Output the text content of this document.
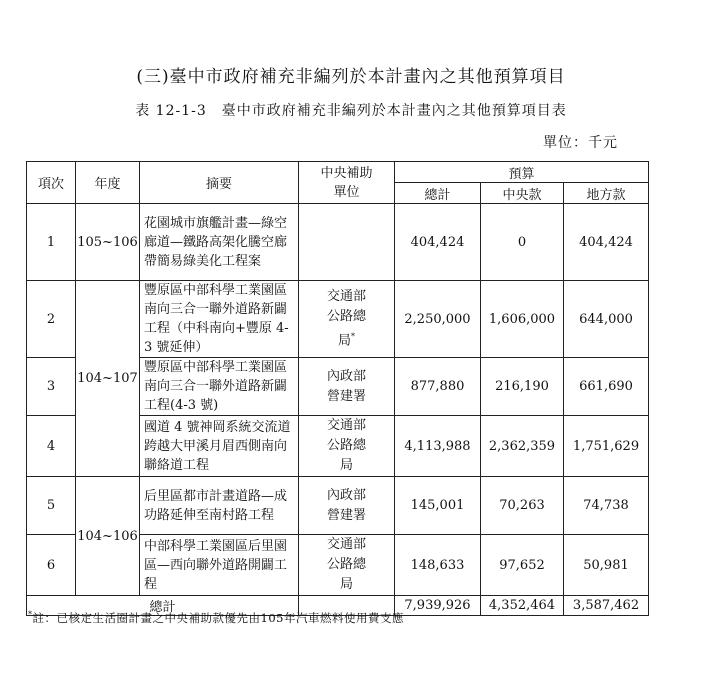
(三)臺中市政府補充非編列於本計畫內之其他預算項目
表 12-1-3　臺中市政府補充非編列於本計畫內之其他預算項目表
單位：千元
項次	年度	摘要	中央補助單位	預算		
				總計	中央款	地方款
1	105~106	花園城市旗艦計畫—綠空廊道—鐵路高架化騰空廊帶簡易綠美化工程案		404,424	0	404,424
2	104~107	豐原區中部科學工業園區南向三合一聯外道路新闢工程（中科南向+豐原 4-3 號延伸）	交通部公路總局*	2,250,000	1,606,000	644,000
3		豐原區中部科學工業園區南向三合一聯外道路新闢工程(4-3 號)	內政部營建署	877,880	216,190	661,690
4		國道 4 號神岡系統交流道跨越大甲溪月眉西側南向聯絡道工程	交通部公路總局	4,113,988	2,362,359	1,751,629
5	104~106	后里區都市計畫道路—成功路延伸至南村路工程	內政部營建署	145,001	70,263	74,738
6		中部科學工業園區后里園區—西向聯外道路開闢工程	交通部公路總局	148,633	97,652	50,981
總計				7,939,926	4,352,464	3,587,462
*註：已核定生活圈計畫之中央補助款優先由105年汽車燃料使用費支應
